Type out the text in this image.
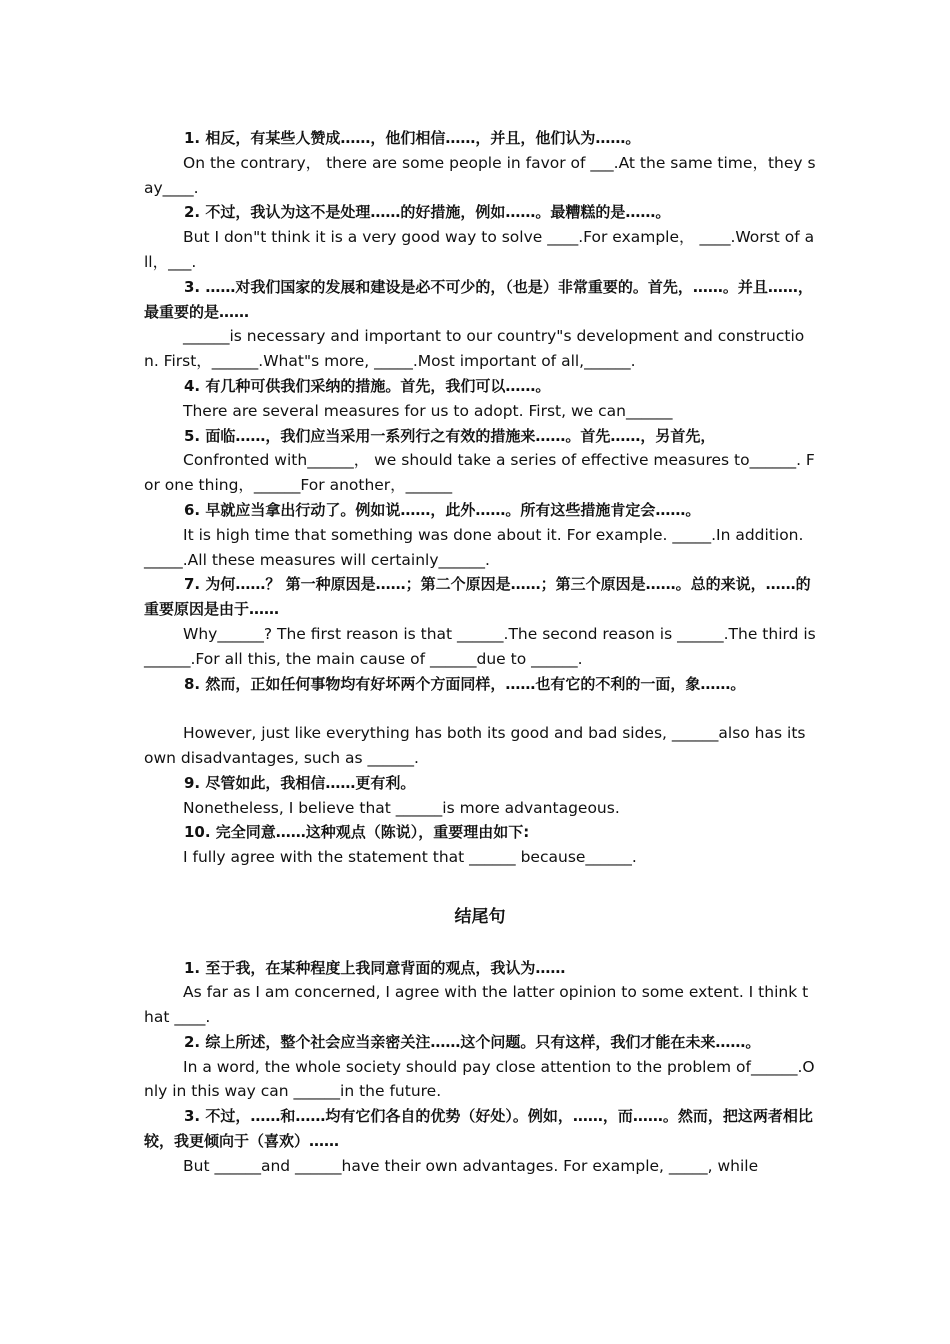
1. 相反，有某些人赞成……，他们相信……，并且，他们认为……。

On the contrary， there are some people in favor of ___.At the same time，they say____.

2. 不过，我认为这不是处理……的好措施，例如……。最糟糕的是……。

But I don"t think it is a very good way to solve ____.For example， ____.Worst of all，___.

3. ……对我们国家的发展和建设是必不可少的，（也是）非常重要的。首先，……。并且……，最重要的是……

______is necessary and important to our country"s development and construction. First，______.What"s more, _____.Most important of all,______.

4. 有几种可供我们采纳的措施。首先，我们可以……。

There are several measures for us to adopt. First, we can______

5. 面临……，我们应当采用一系列行之有效的措施来……。首先……，另首先，

Confronted with______， we should take a series of effective measures to______. For one thing，______For another，______

6. 早就应当拿出行动了。例如说……，此外……。所有这些措施肯定会……。

It is high time that something was done about it. For example. _____.In addition. _____.All these measures will certainly______.

7. 为何……？ 第一种原因是……；第二个原因是……；第三个原因是……。总的来说，……的重要原因是由于……

Why______? The first reason is that ______.The second reason is ______.The third is ______.For all this, the main cause of ______due to ______.

8. 然而，正如任何事物均有好坏两个方面同样，……也有它的不利的一面，象……。

However, just like everything has both its good and bad sides, ______also has its own disadvantages, such as ______.

9. 尽管如此，我相信……更有利。

Nonetheless, I believe that ______is more advantageous.

10. 完全同意……这种观点（陈说），重要理由如下:

I fully agree with the statement that ______ because______.

结尾句

1. 至于我，在某种程度上我同意背面的观点，我认为……

As far as I am concerned, I agree with the latter opinion to some extent. I think that ____.

2. 综上所述，整个社会应当亲密关注……这个问题。只有这样，我们才能在未来……。

In a word, the whole society should pay close attention to the problem of______.Only in this way can ______in the future.

3. 不过，……和……均有它们各自的优势（好处）。例如，……，而……。然而，把这两者相比较，我更倾向于（喜欢）……

But ______and ______have their own advantages. For example, _____, while
